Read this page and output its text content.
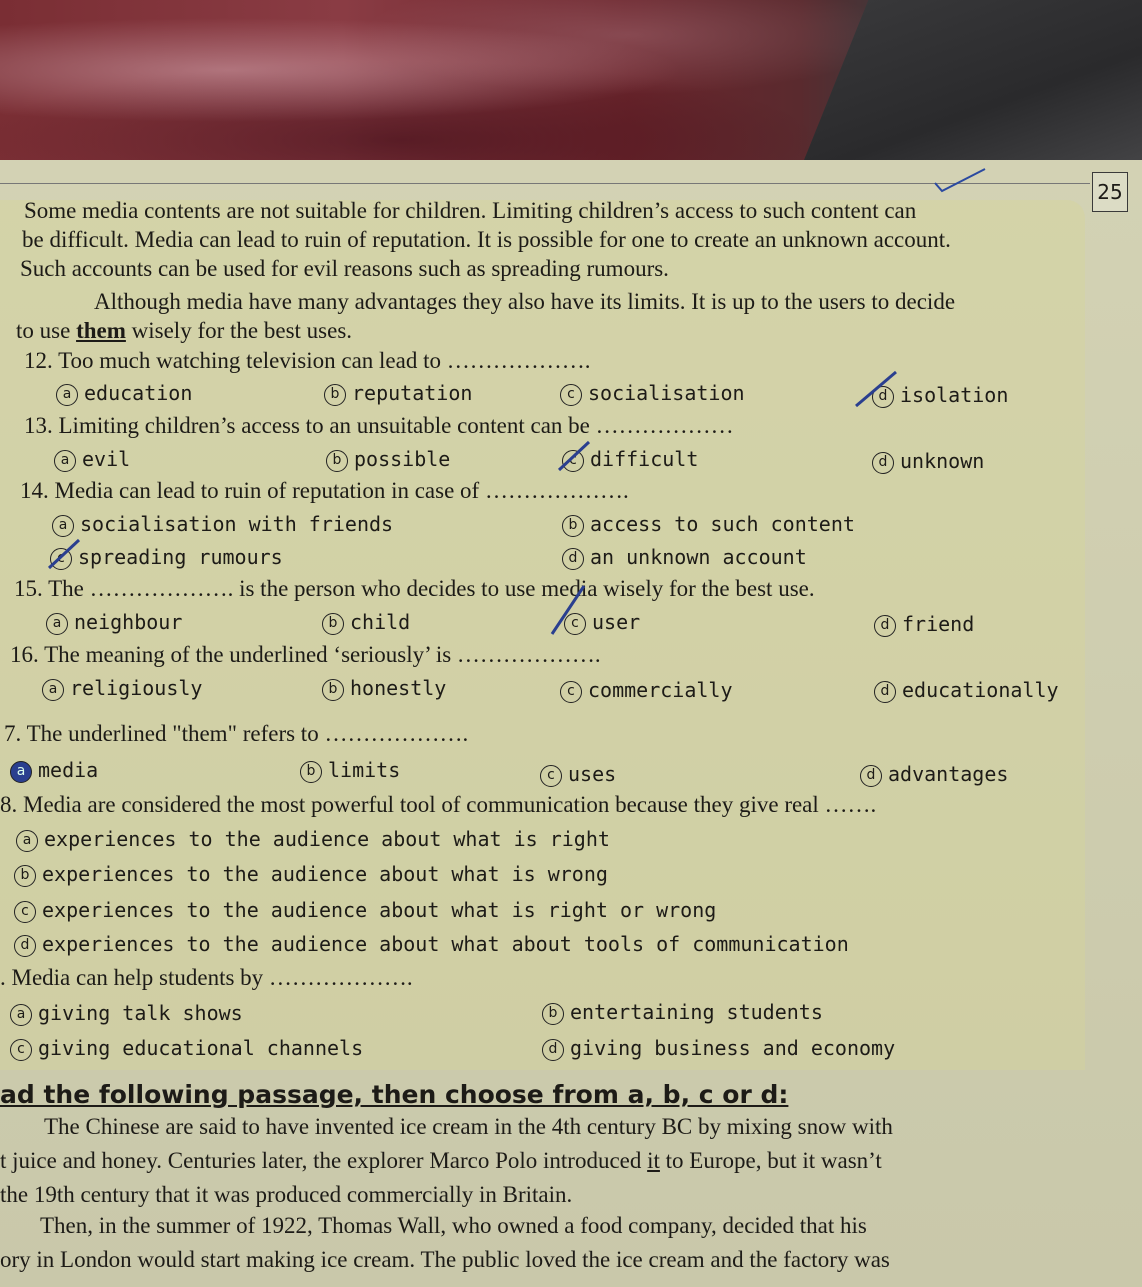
25
Some media contents are not suitable for children. Limiting children’s access to such content can
be difficult. Media can lead to ruin of reputation. It is possible for one to create an unknown account.
Such accounts can be used for evil reasons such as spreading rumours.
Although media have many advantages they also have its limits. It is up to the users to decide
to use them wisely for the best uses.
12. Too much watching television can lead to ……………….
a education	b reputation	c socialisation	d isolation
13. Limiting children’s access to an unsuitable content can be ………………
a evil	b possible	c difficult	d unknown
14. Media can lead to ruin of reputation in case of ……………….
a socialisation with friends	b access to such content
c spreading rumours	d an unknown account
15. The ………………. is the person who decides to use media wisely for the best use.
a neighbour	b child	c user	d friend
16. The meaning of the underlined ‘seriously’ is ……………….
a religiously	b honestly	c commercially	d educationally
7. The underlined "them" refers to ……………….
a media	b limits	c uses	d advantages
8. Media are considered the most powerful tool of communication because they give real …….
a experiences to the audience about what is right
b experiences to the audience about what is wrong
c experiences to the audience about what is right or wrong
d experiences to the audience about what about tools of communication
. Media can help students by ……………….
a giving talk shows	b entertaining students
c giving educational channels	d giving business and economy
ad the following passage, then choose from a, b, c or d:
The Chinese are said to have invented ice cream in the 4th century BC by mixing snow with
t juice and honey. Centuries later, the explorer Marco Polo introduced it to Europe, but it wasn’t
the 19th century that it was produced commercially in Britain.
Then, in the summer of 1922, Thomas Wall, who owned a food company, decided that his
ory in London would start making ice cream. The public loved the ice cream and the factory was
